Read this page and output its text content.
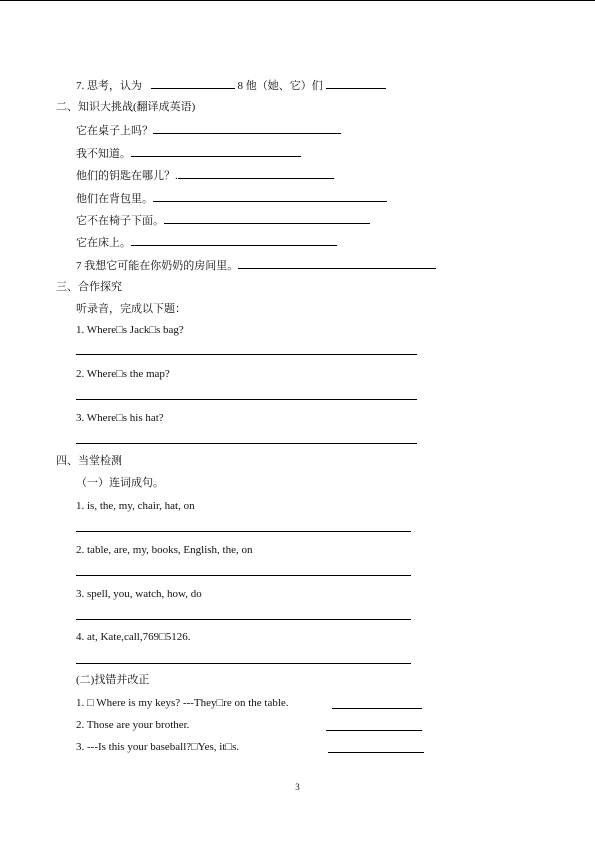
7. 思考，认为	8 他（她、它）们
二、知识大挑战(翻译成英语)
它在桌子上吗？
我不知道。
他们的钥匙在哪儿？.
他们在背包里。
它不在椅子下面。
它在床上。
7 我想它可能在你奶奶的房间里。
三、合作探究
听录音，完成以下题：
1. Where□s Jack□s bag?
2. Where□s the map?
3. Where□s his hat?
四、当堂检测
（一）连词成句。
1. is, the, my, chair, hat, on
2. table, are, my, books, English, the, on
3. spell, you, watch, how, do
4. at, Kate,call,769□5126.
(二)找错并改正
1. □ Where is my keys? ---They□re on the table.
2. Those are your brother.
3. ---Is this your baseball?□Yes, it□s.
3
